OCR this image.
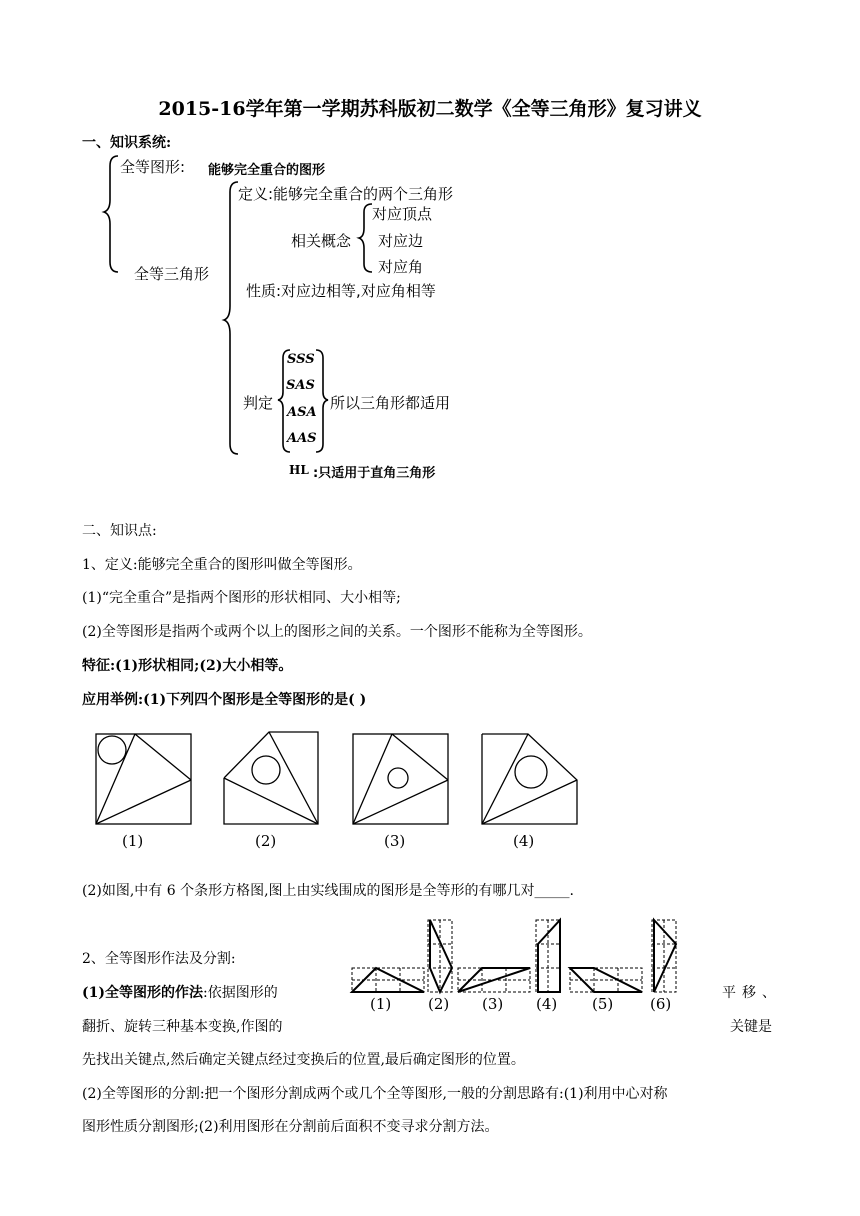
2015-16学年第一学期苏科版初二数学《全等三角形》复习讲义
一、知识系统:
全等图形: 能够完全重合的图形
全等三角形
定义:能够完全重合的两个三角形
相关概念
对应顶点
对应边
对应角
性质:对应边相等,对应角相等
判定
SSS
SAS
ASA
AAS
所以三角形都适用
HL :只适用于直角三角形
二、知识点:
1、定义:能够完全重合的图形叫做全等图形。
(1)“完全重合”是指两个图形的形状相同、大小相等;
(2)全等图形是指两个或两个以上的图形之间的关系。一个图形不能称为全等图形。
特征:(1)形状相同;(2)大小相等。
应用举例:(1)下列四个图形是全等图形的是( )
(1)	(2)	(3)	(4)
(2)如图,中有 6 个条形方格图,图上由实线围成的图形是全等形的有哪几对_____.
(1) (2) (3) (4) (5) (6)
2、全等图形作法及分割:
(1)全等图形的作法:依据图形的	平移、
翻折、旋转三种基本变换,作图的	关键是
先找出关键点,然后确定关键点经过变换后的位置,最后确定图形的位置。
(2)全等图形的分割:把一个图形分割成两个或几个全等图形,一般的分割思路有:(1)利用中心对称
图形性质分割图形;(2)利用图形在分割前后面积不变寻求分割方法。
